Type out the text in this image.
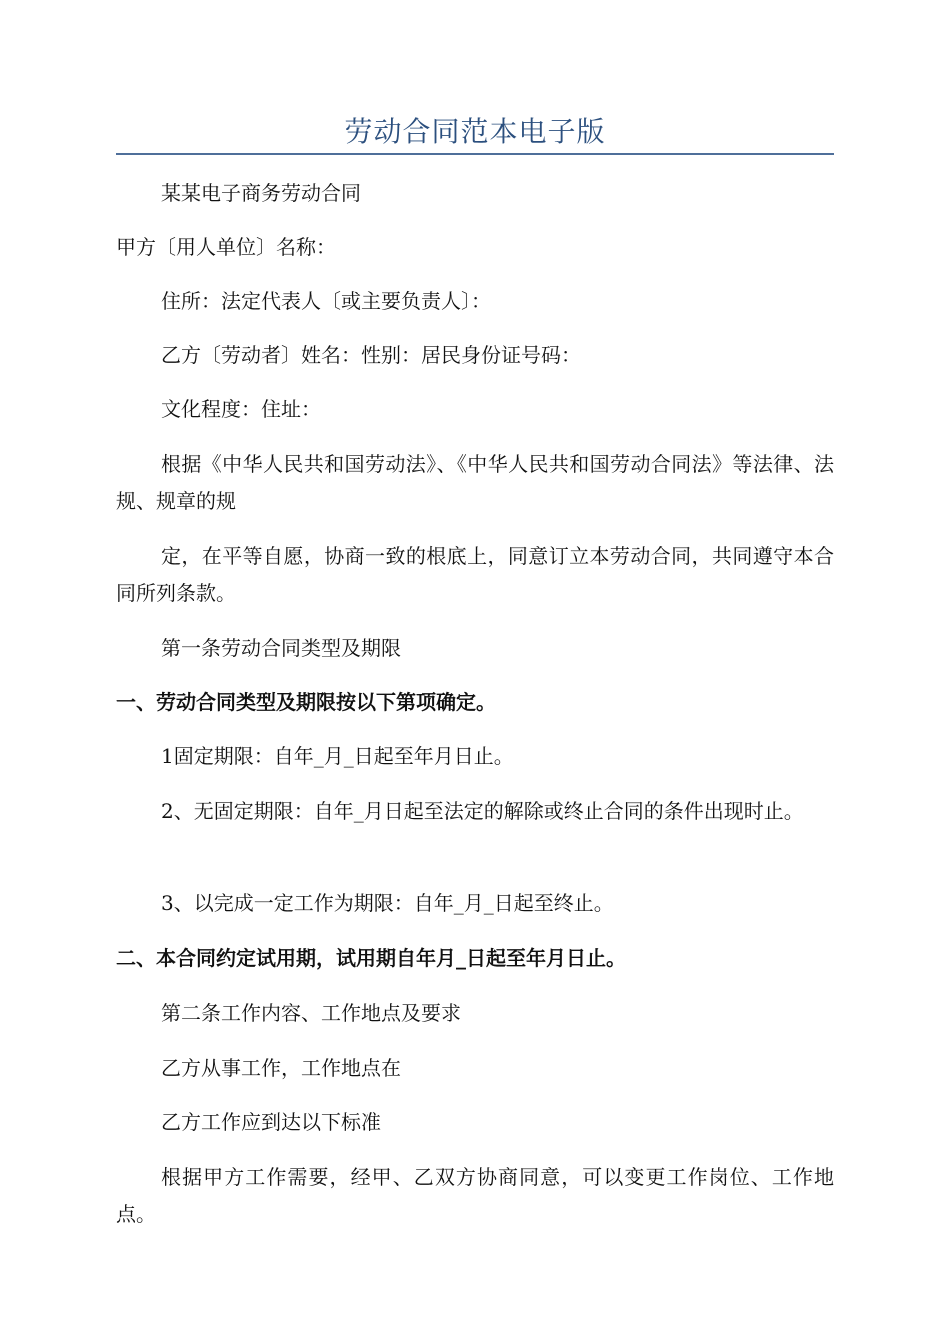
劳动合同范本电子版

某某电子商务劳动合同

甲方〔用人单位〕名称：

住所：法定代表人〔或主要负责人〕：

乙方〔劳动者〕姓名：性别：居民身份证号码：

文化程度：住址：

根据《中华人民共和国劳动法》、《中华人民共和国劳动合同法》等法律、法规、规章的规

定，在平等自愿，协商一致的根底上，同意订立本劳动合同，共同遵守本合同所列条款。

第一条劳动合同类型及期限

一、劳动合同类型及期限按以下第项确定。

1固定期限：自年_月_日起至年月日止。

2、无固定期限：自年_月日起至法定的解除或终止合同的条件出现时止。

3、以完成一定工作为期限：自年_月_日起至终止。

二、本合同约定试用期，试用期自年月_日起至年月日止。

第二条工作内容、工作地点及要求

乙方从事工作，工作地点在

乙方工作应到达以下标准

根据甲方工作需要，经甲、乙双方协商同意，可以变更工作岗位、工作地点。
